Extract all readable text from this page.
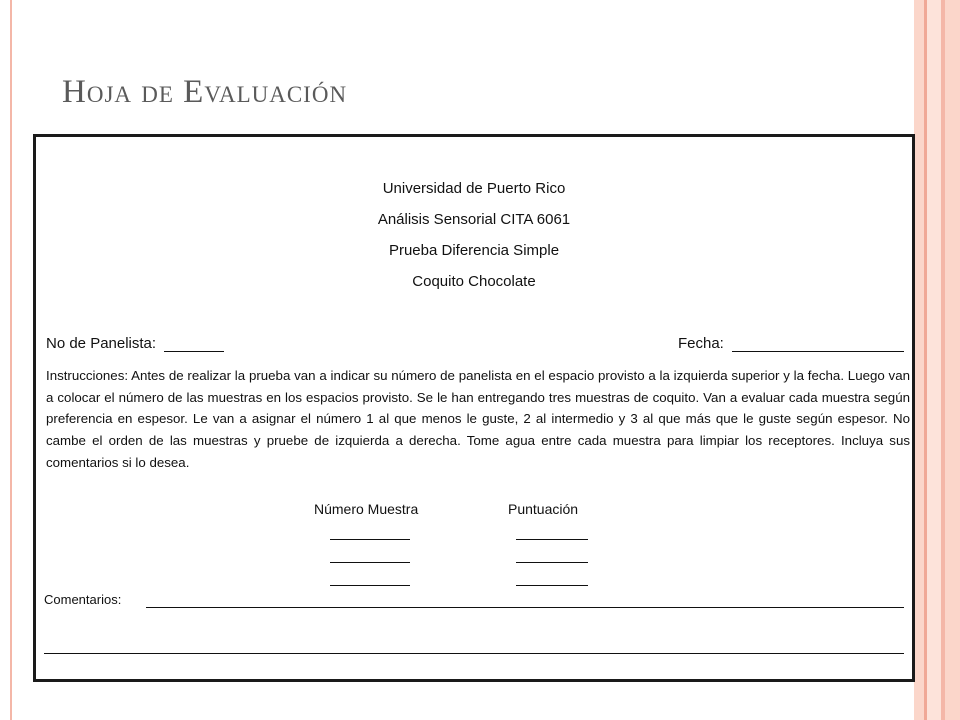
Hoja de Evaluación
Universidad de Puerto Rico
Análisis Sensorial CITA 6061
Prueba Diferencia Simple
Coquito Chocolate
No de Panelista:	Fecha:

Instrucciones: Antes de realizar la prueba van a indicar su número de panelista en el espacio provisto a la izquierda superior y la fecha. Luego van a colocar el número de las muestras en los espacios provisto. Se le han entregando tres muestras de coquito. Van a evaluar cada muestra según preferencia en espesor. Le van a asignar el número 1 al que menos le guste, 2 al intermedio y 3 al que más que le guste según espesor. No cambe el orden de las muestras y pruebe de izquierda a derecha. Tome agua entre cada muestra para limpiar los receptores. Incluya sus comentarios si lo desea.

Número Muestra	Puntuación
Comentarios:
